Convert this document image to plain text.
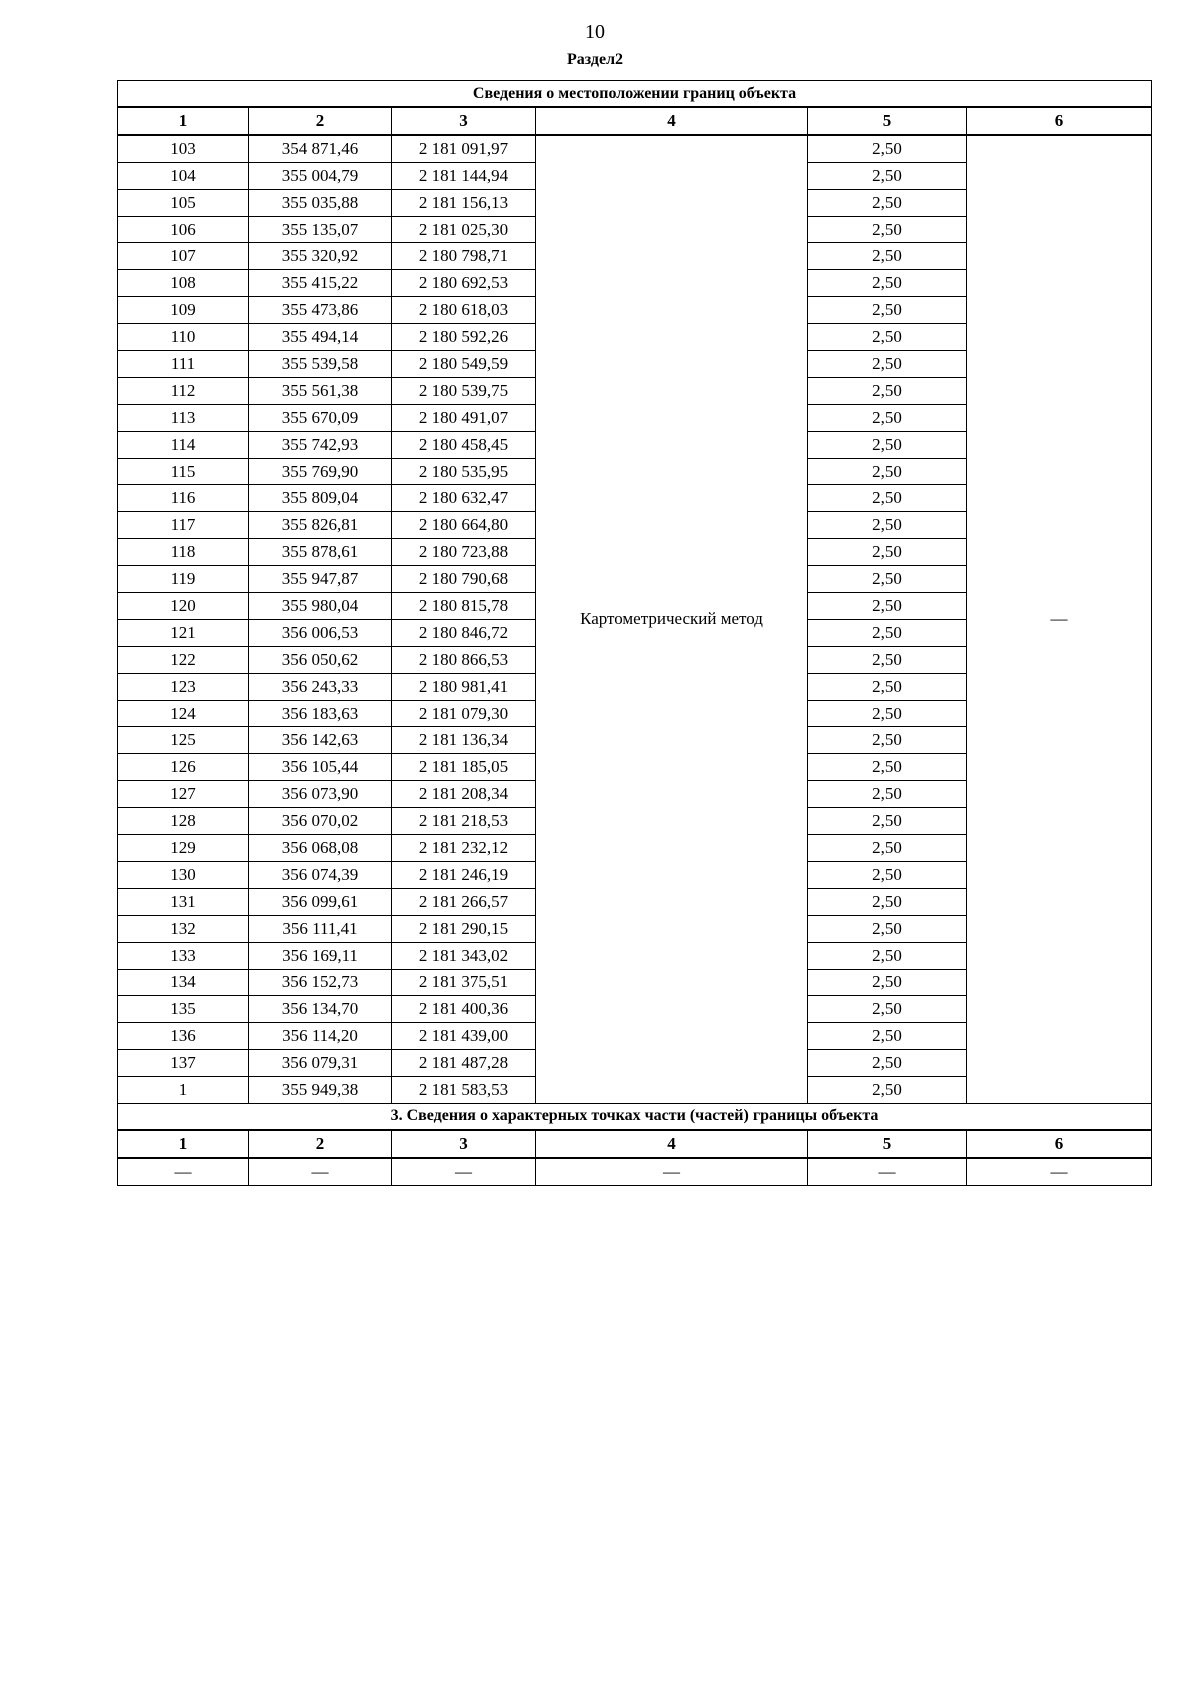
10
Раздел2
Сведения о местоположении границ объекта					
1	2	3	4	5	6
103	354 871,46	2 181 091,97	Картометрический метод	2,50	—
104	355 004,79	2 181 144,94		2,50	
105	355 035,88	2 181 156,13		2,50	
106	355 135,07	2 181 025,30		2,50	
107	355 320,92	2 180 798,71		2,50	
108	355 415,22	2 180 692,53		2,50	
109	355 473,86	2 180 618,03		2,50	
110	355 494,14	2 180 592,26		2,50	
111	355 539,58	2 180 549,59		2,50	
112	355 561,38	2 180 539,75		2,50	
113	355 670,09	2 180 491,07		2,50	
114	355 742,93	2 180 458,45		2,50	
115	355 769,90	2 180 535,95		2,50	
116	355 809,04	2 180 632,47		2,50	
117	355 826,81	2 180 664,80		2,50	
118	355 878,61	2 180 723,88		2,50	
119	355 947,87	2 180 790,68		2,50	
120	355 980,04	2 180 815,78		2,50	
121	356 006,53	2 180 846,72		2,50	
122	356 050,62	2 180 866,53		2,50	
123	356 243,33	2 180 981,41		2,50	
124	356 183,63	2 181 079,30		2,50	
125	356 142,63	2 181 136,34		2,50	
126	356 105,44	2 181 185,05		2,50	
127	356 073,90	2 181 208,34		2,50	
128	356 070,02	2 181 218,53		2,50	
129	356 068,08	2 181 232,12		2,50	
130	356 074,39	2 181 246,19		2,50	
131	356 099,61	2 181 266,57		2,50	
132	356 111,41	2 181 290,15		2,50	
133	356 169,11	2 181 343,02		2,50	
134	356 152,73	2 181 375,51		2,50	
135	356 134,70	2 181 400,36		2,50	
136	356 114,20	2 181 439,00		2,50	
137	356 079,31	2 181 487,28		2,50	
1	355 949,38	2 181 583,53		2,50	
3. Сведения о характерных точках части (частей) границы объекта					
1	2	3	4	5	6
—	—	—	—	—	—
